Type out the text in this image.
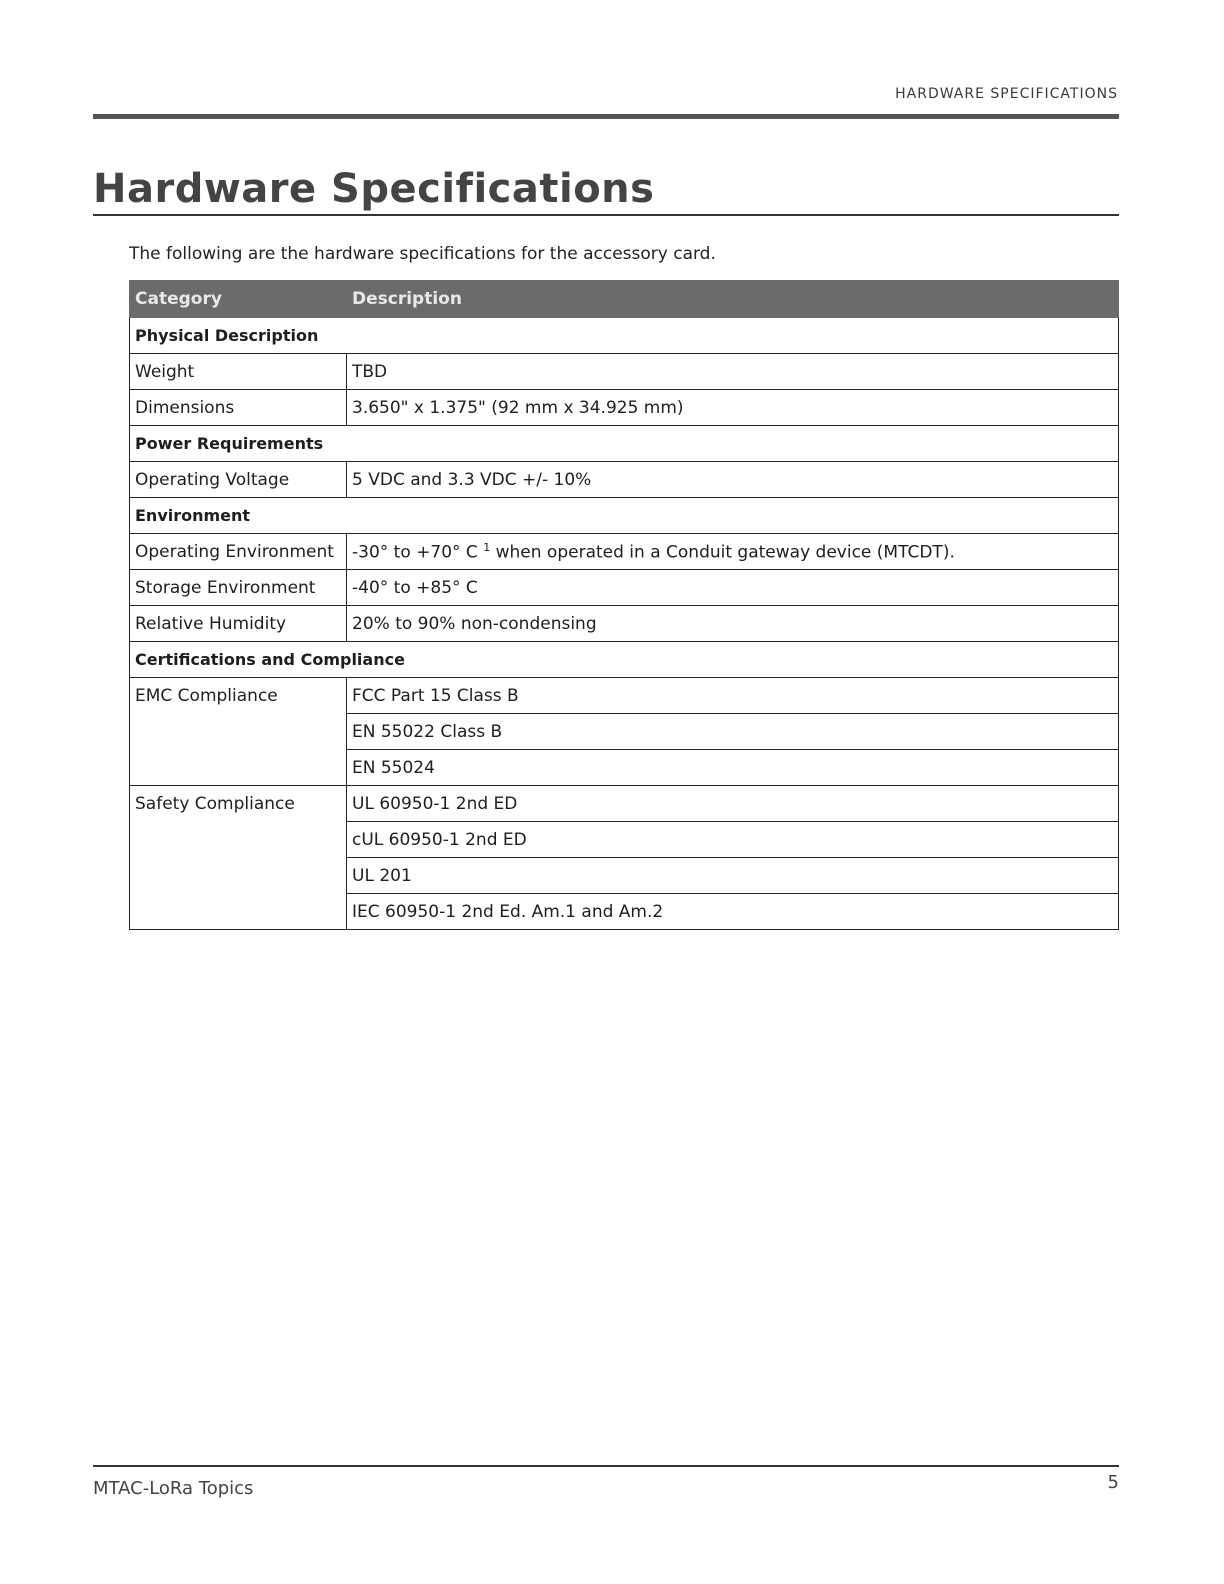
HARDWARE SPECIFICATIONS
Hardware Specifications
The following are the hardware specifications for the accessory card.
Category	Description
Physical Description	
Weight	TBD
Dimensions	3.650" x 1.375" (92 mm x 34.925 mm)
Power Requirements	
Operating Voltage	5 VDC and 3.3 VDC +/- 10%
Environment	
Operating Environment	-30° to +70° C $^1$ when operated in a Conduit gateway device (MTCDT).
Storage Environment	-40° to +85° C
Relative Humidity	20% to 90% non-condensing
Certifications and Compliance	
EMC Compliance	FCC Part 15 Class B
	EN 55022 Class B
	EN 55024
Safety Compliance	UL 60950-1 2nd ED
	cUL 60950-1 2nd ED
	UL 201
	IEC 60950-1 2nd Ed. Am.1 and Am.2
MTAC-LoRa Topics	5
